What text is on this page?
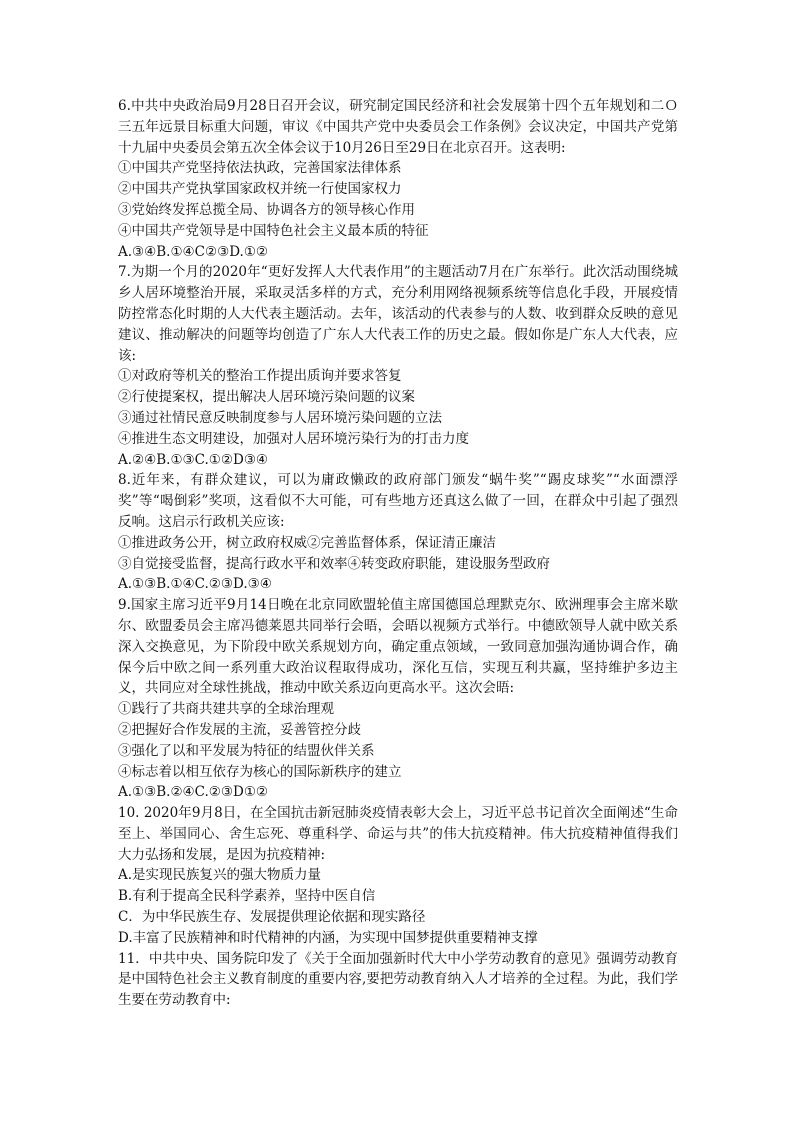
6.中共中央政治局9月28日召开会议，研究制定国民经济和社会发展第十四个五年规划和二Ｏ三五年远景目标重大问题，审议《中国共产党中央委员会工作条例》会议决定，中国共产党第十九届中央委员会第五次全体会议于10月26日至29日在北京召开。这表明:

①中国共产党坚持依法执政，完善国家法律体系

②中国共产党执掌国家政权并统一行使国家权力

③党始终发挥总揽全局、协调各方的领导核心作用

④中国共产党领导是中国特色社会主义最本质的特征

A.③④B.①④C②③D.①②

7.为期一个月的2020年“更好发挥人大代表作用”的主题活动7月在广东举行。此次活动围绕城乡人居环境整治开展，采取灵活多样的方式，充分利用网络视频系统等信息化手段，开展疫情防控常态化时期的人大代表主题活动。去年，该活动的代表参与的人数、收到群众反映的意见建议、推动解决的问题等均创造了广东人大代表工作的历史之最。假如你是广东人大代表，应该:

①对政府等机关的整治工作提出质询并要求答复

②行使提案权，提出解决人居环境污染问题的议案

③通过社情民意反映制度参与人居环境污染问题的立法

④推进生态文明建设，加强对人居环境污染行为的打击力度

A.②④B.①③C.①②D③④

8.近年来，有群众建议，可以为庸政懒政的政府部门颁发“蜗牛奖”“踢皮球奖”“水面漂浮奖”等“喝倒彩”奖项，这看似不大可能，可有些地方还真这么做了一回，在群众中引起了强烈反响。这启示行政机关应该:

①推进政务公开，树立政府权威②完善监督体系，保证清正廉洁

③自觉接受监督，提高行政水平和效率④转变政府职能，建设服务型政府

A.①③B.①④C.②③D.③④

9.国家主席习近平9月14日晚在北京同欧盟轮值主席国德国总理默克尔、欧洲理事会主席米歇尔、欧盟委员会主席冯德莱恩共同举行会晤，会晤以视频方式举行。中德欧领导人就中欧关系深入交换意见，为下阶段中欧关系规划方向，确定重点领域，一致同意加强沟通协调合作，确保今后中欧之间一系列重大政治议程取得成功，深化互信，实现互利共赢，坚持维护多边主义，共同应对全球性挑战，推动中欧关系迈向更高水平。这次会晤:

①践行了共商共建共享的全球治理观

②把握好合作发展的主流，妥善管控分歧

③强化了以和平发展为特征的结盟伙伴关系

④标志着以相互依存为核心的国际新秩序的建立

A.①③B.②④C.②③D①②

10. 2020年9月8日，在全国抗击新冠肺炎疫情表彰大会上，习近平总书记首次全面阐述“生命至上、举国同心、舍生忘死、尊重科学、命运与共”的伟大抗疫精神。伟大抗疫精神值得我们大力弘扬和发展，是因为抗疫精神:

A.是实现民族复兴的强大物质力量

B.有利于提高全民科学素养，坚持中医自信

C．为中华民族生存、发展提供理论依据和现实路径

D.丰富了民族精神和时代精神的内涵，为实现中国梦提供重要精神支撑

11．中共中央、国务院印发了《关于全面加强新时代大中小学劳动教育的意见》强调劳动教育是中国特色社会主义教育制度的重要内容,要把劳动教育纳入人才培养的全过程。为此，我们学生要在劳动教育中:
